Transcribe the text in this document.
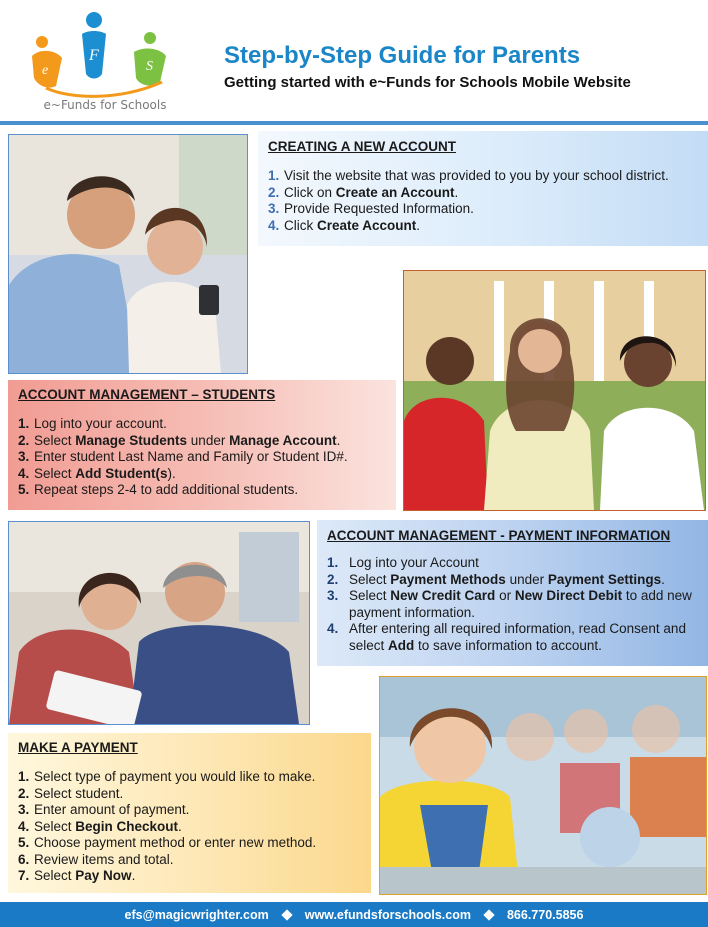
e
F
S
e~Funds for Schools
Step-by-Step Guide for Parents
Getting started with e~Funds for Schools Mobile Website
CREATING A NEW ACCOUNT
1. Visit the website that was provided to you by your school district.
2. Click on Create an Account.
3. Provide Requested Information.
4. Click Create Account.
ACCOUNT MANAGEMENT – STUDENTS
1. Log into your account.
2. Select Manage Students under Manage Account.
3. Enter student Last Name and Family or Student ID#.
4. Select Add Student(s).
5. Repeat steps 2-4 to add additional students.
ACCOUNT MANAGEMENT - PAYMENT INFORMATION
1. Log into your Account
2. Select Payment Methods under Payment Settings.
3. Select New Credit Card or New Direct Debit to add new payment information.
4. After entering all required information, read Consent and select Add to save information to account.
MAKE A PAYMENT
1. Select type of payment you would like to make.
2. Select student.
3. Enter amount of payment.
4. Select Begin Checkout.
5. Choose payment method or enter new method.
6. Review items and total.
7. Select Pay Now.
efs@magicwrighter.com	www.efundsforschools.com	866.770.5856
